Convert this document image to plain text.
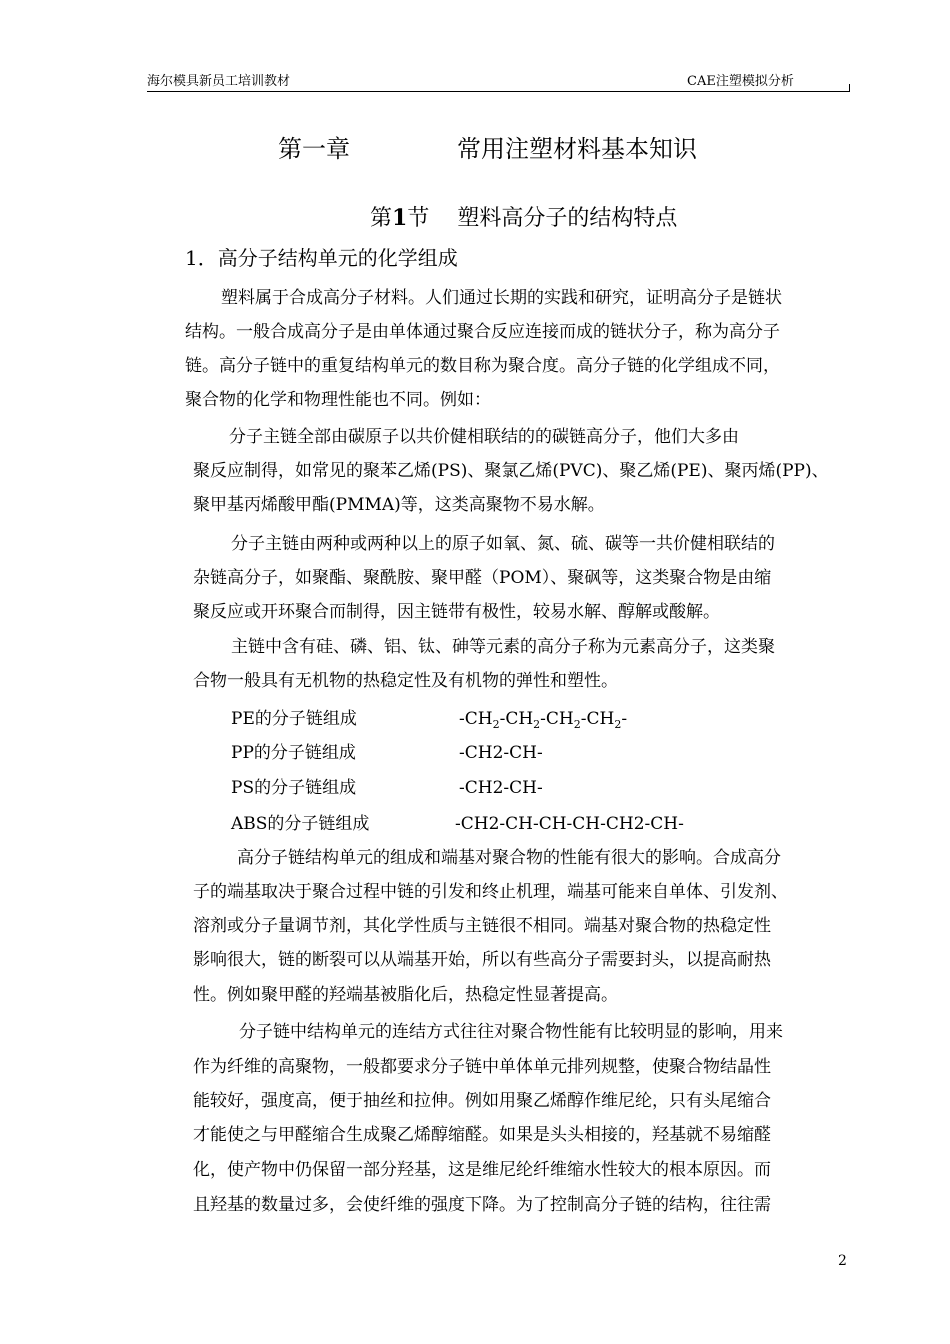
海尔模具新员工培训教材	CAE注塑模拟分析
第一章	常用注塑材料基本知识
第1节 塑料高分子的结构特点
1．高分子结构单元的化学组成
塑料属于合成高分子材料。人们通过长期的实践和研究，证明高分子是链状
结构。一般合成高分子是由单体通过聚合反应连接而成的链状分子，称为高分子
链。高分子链中的重复结构单元的数目称为聚合度。高分子链的化学组成不同，
聚合物的化学和物理性能也不同。例如：
分子主链全部由碳原子以共价健相联结的的碳链高分子，他们大多由
聚反应制得，如常见的聚苯乙烯(PS)、聚氯乙烯(PVC)、聚乙烯(PE)、聚丙烯(PP)、
聚甲基丙烯酸甲酯(PMMA)等，这类高聚物不易水解。
分子主链由两种或两种以上的原子如氧、氮、硫、碳等一共价健相联结的
杂链高分子，如聚酯、聚酰胺、聚甲醛（POM）、聚砜等，这类聚合物是由缩
聚反应或开环聚合而制得，因主链带有极性，较易水解、醇解或酸解。
主链中含有硅、磷、铝、钛、砷等元素的高分子称为元素高分子，这类聚
合物一般具有无机物的热稳定性及有机物的弹性和塑性。
PE的分子链组成	$-CH_2-CH_2-CH_2-CH_2-$
PP的分子链组成	-CH2-CH-
PS的分子链组成	-CH2-CH-
ABS的分子链组成	-CH2-CH-CH-CH-CH2-CH-
高分子链结构单元的组成和端基对聚合物的性能有很大的影响。合成高分
子的端基取决于聚合过程中链的引发和终止机理，端基可能来自单体、引发剂、
溶剂或分子量调节剂，其化学性质与主链很不相同。端基对聚合物的热稳定性
影响很大，链的断裂可以从端基开始，所以有些高分子需要封头，以提高耐热
性。例如聚甲醛的羟端基被脂化后，热稳定性显著提高。
分子链中结构单元的连结方式往往对聚合物性能有比较明显的影响，用来
作为纤维的高聚物，一般都要求分子链中单体单元排列规整，使聚合物结晶性
能较好，强度高，便于抽丝和拉伸。例如用聚乙烯醇作维尼纶，只有头尾缩合
才能使之与甲醛缩合生成聚乙烯醇缩醛。如果是头头相接的，羟基就不易缩醛
化，使产物中仍保留一部分羟基，这是维尼纶纤维缩水性较大的根本原因。而
且羟基的数量过多，会使纤维的强度下降。为了控制高分子链的结构，往往需
2
